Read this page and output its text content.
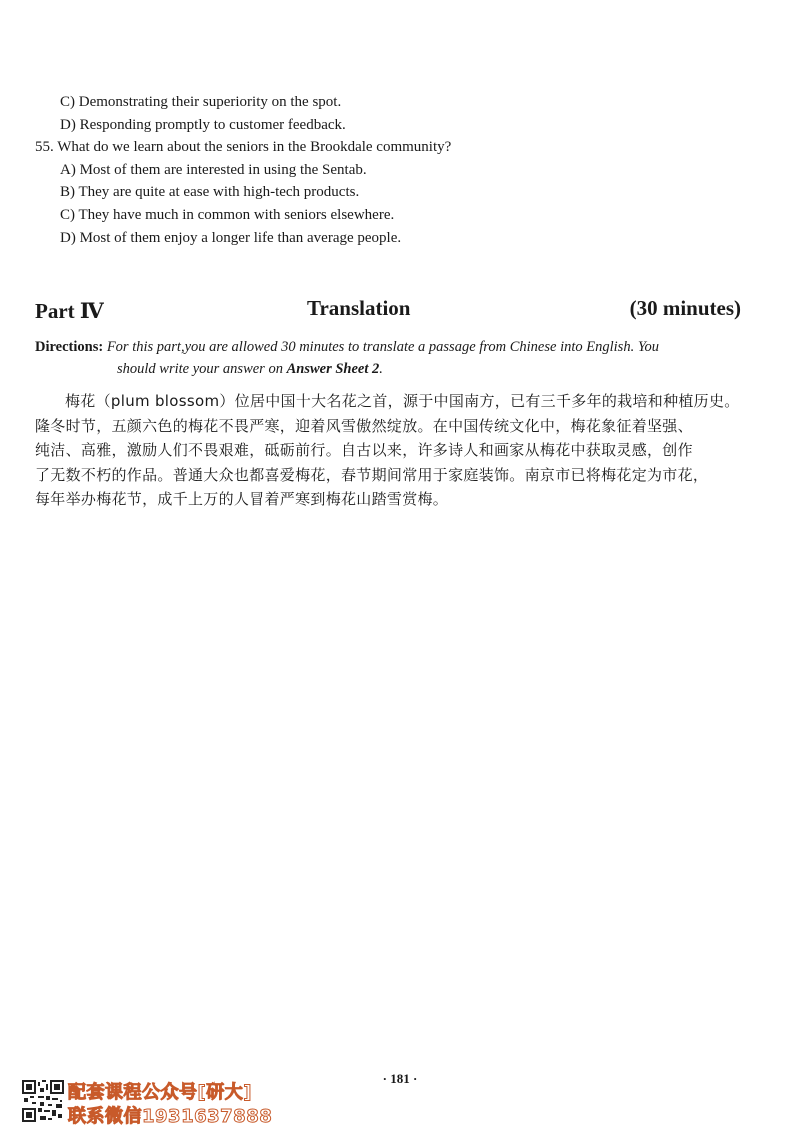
C) Demonstrating their superiority on the spot.
D) Responding promptly to customer feedback.
55. What do we learn about the seniors in the Brookdale community?
A) Most of them are interested in using the Sentab.
B) They are quite at ease with high-tech products.
C) They have much in common with seniors elsewhere.
D) Most of them enjoy a longer life than average people.
Part Ⅳ	Translation	(30 minutes)
Directions: For this part,you are allowed 30 minutes to translate a passage from Chinese into English. You
should write your answer on Answer Sheet 2.
梅花（plum blossom）位居中国十大名花之首，源于中国南方，已有三千多年的栽培和种植历史。
隆冬时节，五颜六色的梅花不畏严寒，迎着风雪傲然绽放。在中国传统文化中，梅花象征着坚强、
纯洁、高雅，激励人们不畏艰难，砥砺前行。自古以来，许多诗人和画家从梅花中获取灵感，创作
了无数不朽的作品。普通大众也都喜爱梅花，春节期间常用于家庭装饰。南京市已将梅花定为市花，
每年举办梅花节，成千上万的人冒着严寒到梅花山踏雪赏梅。
· 181 ·
配套课程公众号[研大]
联系微信1931637888
